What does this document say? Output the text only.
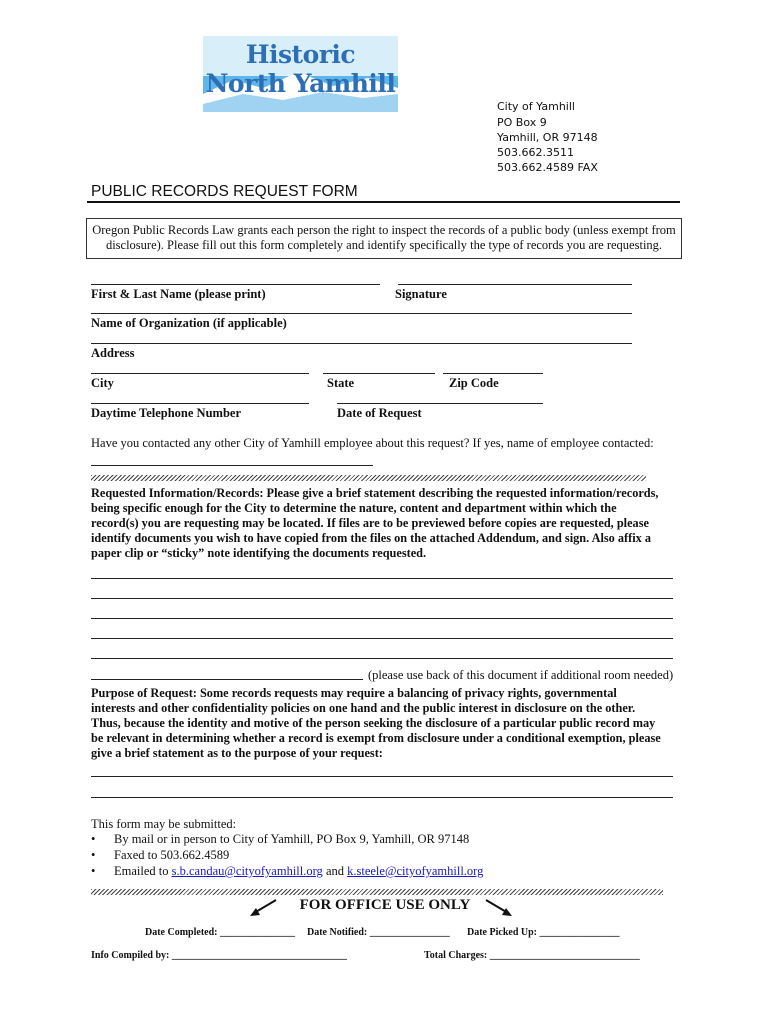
Historic North Yamhill
City of Yamhill
PO Box 9
Yamhill, OR 97148
503.662.3511
503.662.4589 FAX
PUBLIC RECORDS REQUEST FORM
Oregon Public Records Law grants each person the right to inspect the records of a public body (unless exempt from
disclosure). Please fill out this form completely and identify specifically the type of records you are requesting.
First & Last Name (please print)	Signature
Name of Organization (if applicable)
Address
City	State	Zip Code
Daytime Telephone Number	Date of Request
Have you contacted any other City of Yamhill employee about this request? If yes, name of employee contacted:
Requested Information/Records: Please give a brief statement describing the requested information/records,
being specific enough for the City to determine the nature, content and department within which the
record(s) you are requesting may be located. If files are to be previewed before copies are requested, please
identify documents you wish to have copied from the files on the attached Addendum, and sign. Also affix a
paper clip or “sticky” note identifying the documents requested.
(please use back of this document if additional room needed)
Purpose of Request: Some records requests may require a balancing of privacy rights, governmental
interests and other confidentiality policies on one hand and the public interest in disclosure on the other.
Thus, because the identity and motive of the person seeking the disclosure of a particular public record may
be relevant in determining whether a record is exempt from disclosure under a conditional exemption, please
give a brief statement as to the purpose of your request:
This form may be submitted:
• By mail or in person to City of Yamhill, PO Box 9, Yamhill, OR 97148
• Faxed to 503.662.4589
• Emailed to s.b.candau@cityofyamhill.org and k.steele@cityofyamhill.org
FOR OFFICE USE ONLY
Date Completed: _______________ Date Notified: ________________ Date Picked Up: ________________
Info Compiled by: ___________________________________	Total Charges: ______________________________
